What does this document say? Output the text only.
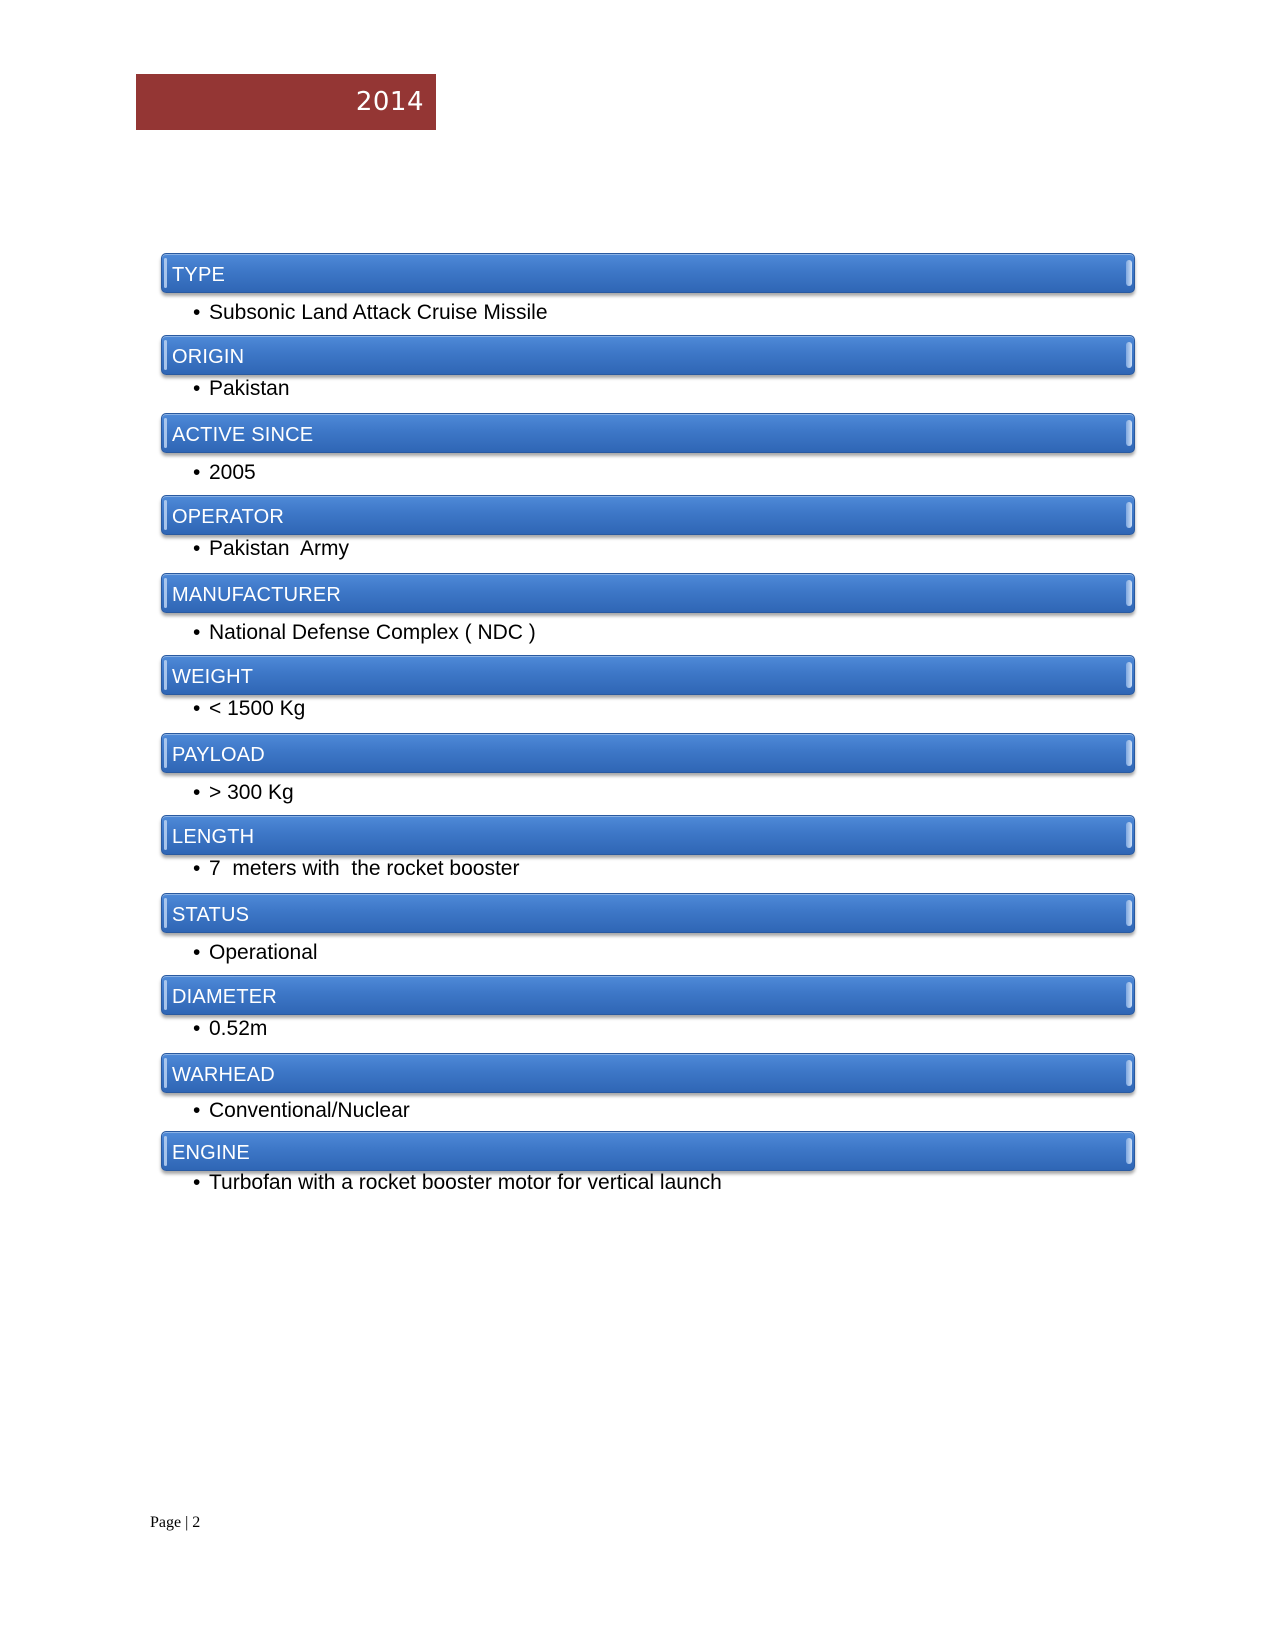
2014
TYPE
• Subsonic Land Attack Cruise Missile
ORIGIN
• Pakistan
ACTIVE SINCE
• 2005
OPERATOR
• Pakistan  Army
MANUFACTURER
• National Defense Complex ( NDC )
WEIGHT
• < 1500 Kg
PAYLOAD
• > 300 Kg
LENGTH
• 7  meters with  the rocket booster
STATUS
• Operational
DIAMETER
• 0.52m
WARHEAD
• Conventional/Nuclear
ENGINE
• Turbofan with a rocket booster motor for vertical launch
Page | 2
